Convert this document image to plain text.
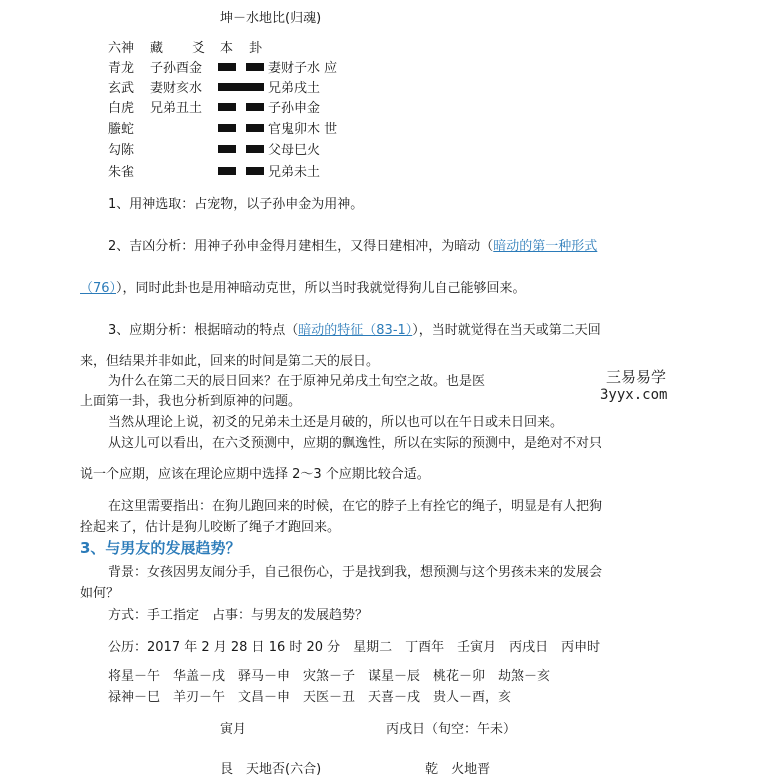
坤－水地比(归魂)
六神 藏 爻 本 卦
青龙 子孙酉金	妻财子水 应
玄武 妻财亥水	兄弟戌土
白虎 兄弟丑土	子孙申金
螣蛇	官鬼卯木 世
勾陈	父母巳火
朱雀	兄弟未土
1、用神选取：占宠物，以子孙申金为用神。
2、吉凶分析：用神子孙申金得月建相生，又得日建相冲，为暗动（暗动的第一种形式
（76）），同时此卦也是用神暗动克世，所以当时我就觉得狗儿自己能够回来。
3、应期分析：根据暗动的特点（暗动的特征（83-1）），当时就觉得在当天或第二天回
来，但结果并非如此，回来的时间是第二天的辰日。
为什么在第二天的辰日回来？在于原神兄弟戌土旬空之故。也是医
上面第一卦，我也分析到原神的问题。
三易易学
3yyx.com
当然从理论上说，初爻的兄弟未土还是月破的，所以也可以在午日或未日回来。
从这儿可以看出，在六爻预测中，应期的飘逸性，所以在实际的预测中，是绝对不对只
说一个应期，应该在理论应期中选择 2～3 个应期比较合适。
在这里需要指出：在狗儿跑回来的时候，在它的脖子上有拴它的绳子，明显是有人把狗
拴起来了，估计是狗儿咬断了绳子才跑回来。
3、与男友的发展趋势？
背景：女孩因男友闹分手，自己很伤心，于是找到我，想预测与这个男孩未来的发展会
如何？
方式：手工指定　占事：与男友的发展趋势？
公历：2017 年 2 月 28 日 16 时 20 分　星期二　丁酉年　壬寅月　丙戌日　丙申时
将星－午　华盖－戌　驿马－申　灾煞－子　谋星－辰　桃花－卯　劫煞－亥
禄神－巳　羊刃－午　文昌－申　天医－丑　天喜－戌　贵人－酉，亥
寅月	丙戌日（旬空：午未）
艮　天地否(六合)　　　　　　　　乾　火地晋
